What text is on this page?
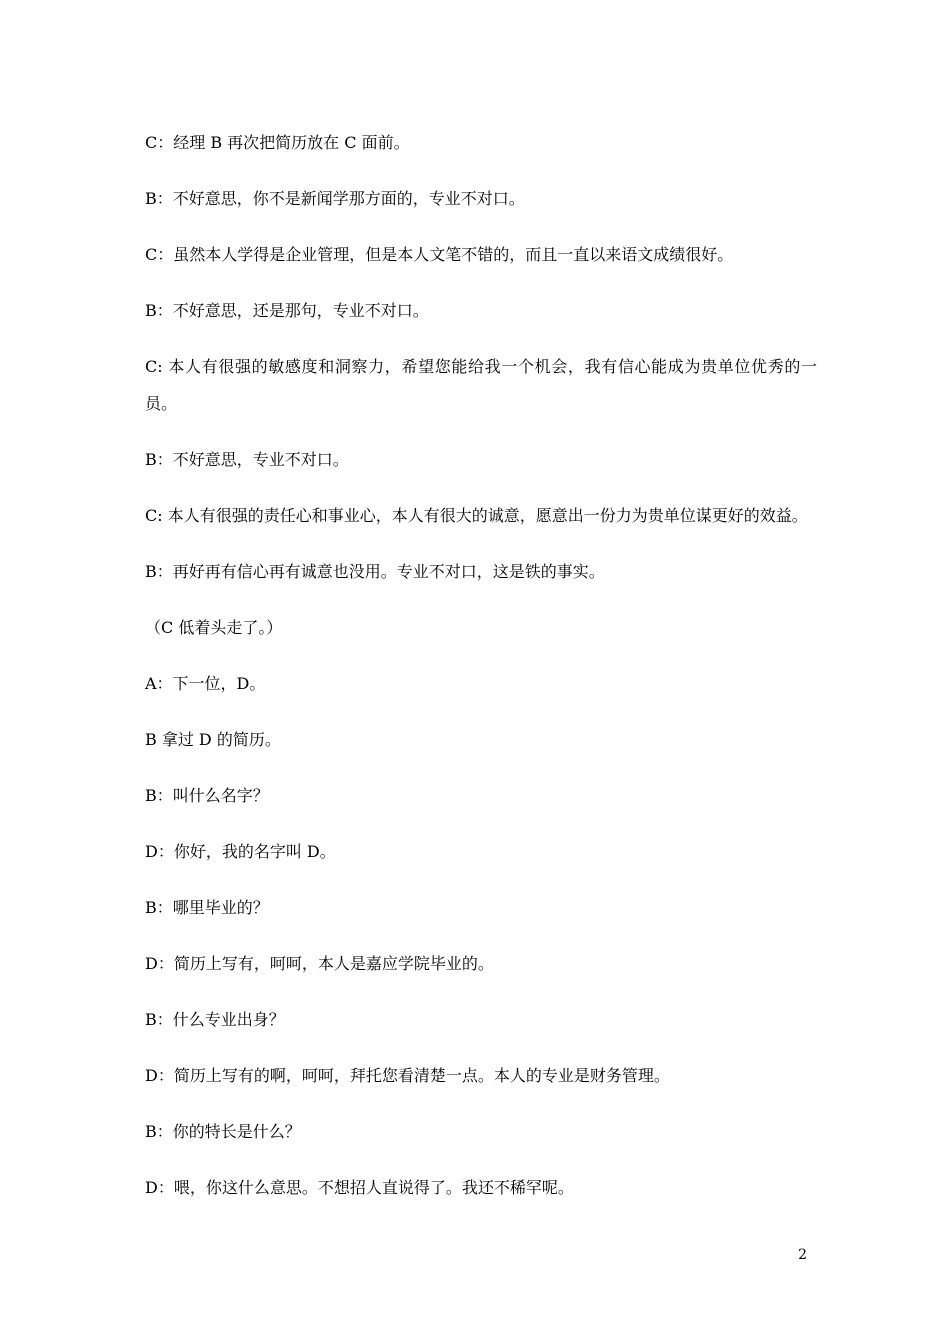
C：经理 B 再次把简历放在 C 面前。
B：不好意思，你不是新闻学那方面的，专业不对口。
C：虽然本人学得是企业管理，但是本人文笔不错的，而且一直以来语文成绩很好。
B：不好意思，还是那句，专业不对口。
C: 本人有很强的敏感度和洞察力，希望您能给我一个机会，我有信心能成为贵单位优秀的一员。
B：不好意思，专业不对口。
C: 本人有很强的责任心和事业心，本人有很大的诚意，愿意出一份力为贵单位谋更好的效益。
B：再好再有信心再有诚意也没用。专业不对口，这是铁的事实。
（C 低着头走了。）
A：下一位，D。
B 拿过 D 的简历。
B：叫什么名字？
D：你好，我的名字叫 D。
B：哪里毕业的？
D：简历上写有，呵呵，本人是嘉应学院毕业的。
B：什么专业出身？
D：简历上写有的啊，呵呵，拜托您看清楚一点。本人的专业是财务管理。
B：你的特长是什么？
D：喂，你这什么意思。不想招人直说得了。我还不稀罕呢。
2
